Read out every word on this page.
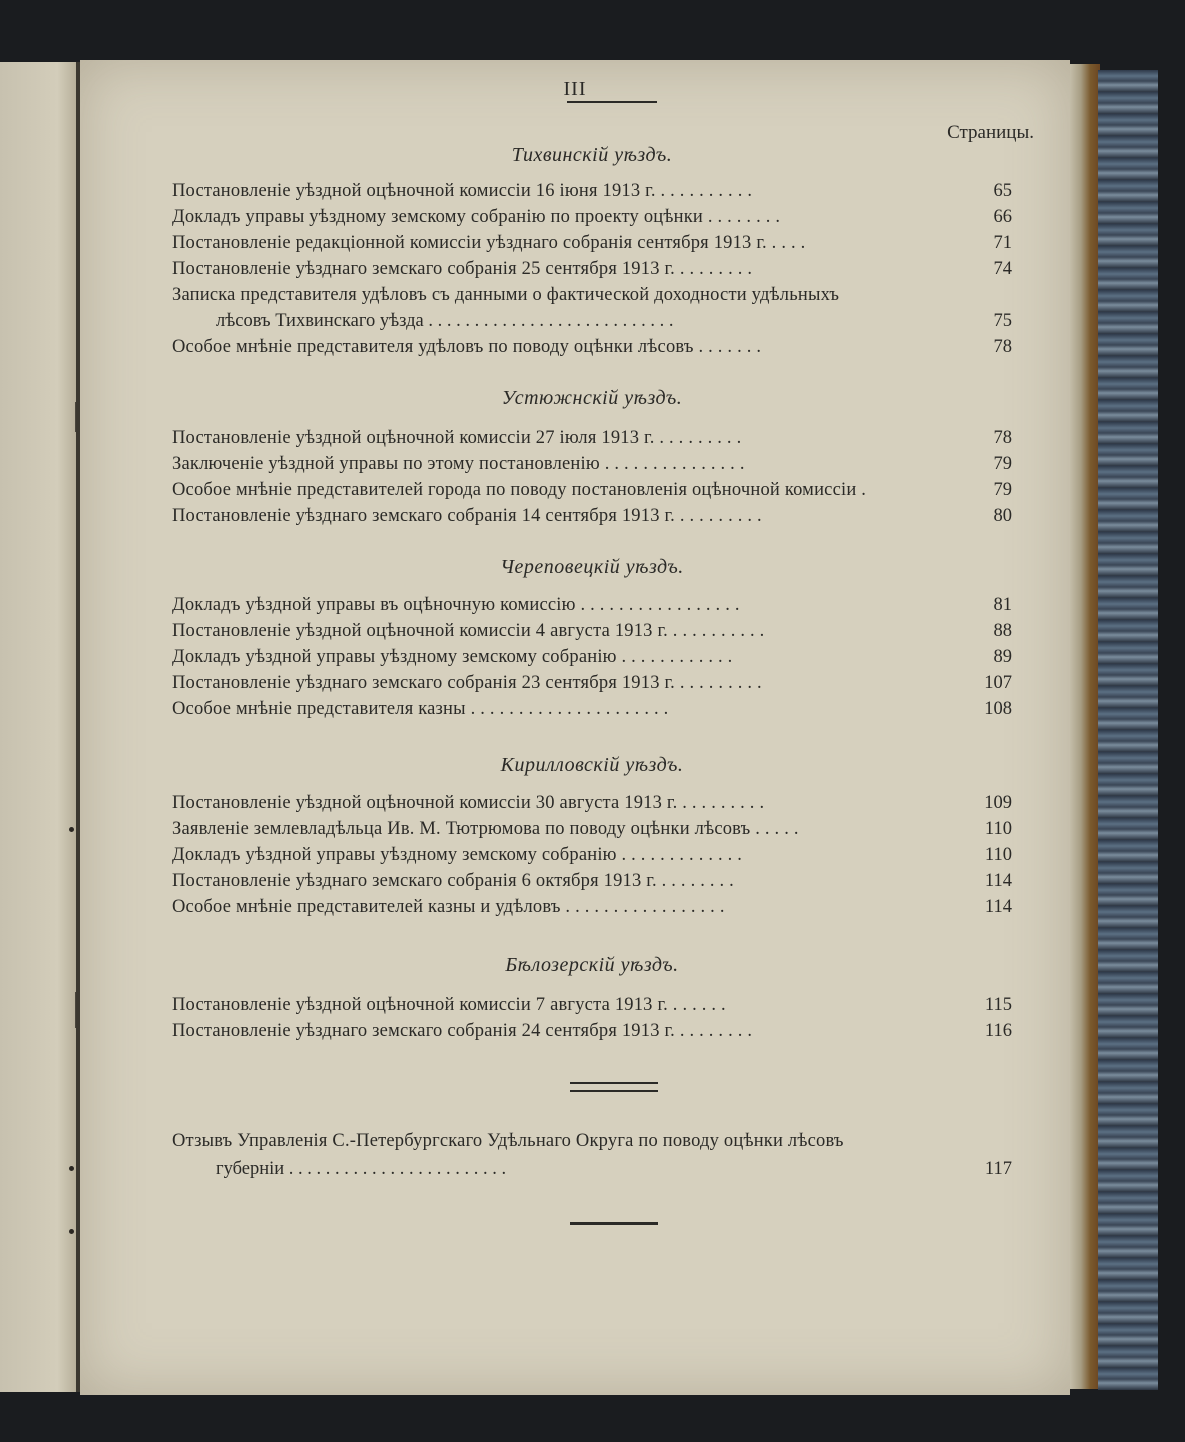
III
Страницы.
Тихвинскій уѣздъ.
Постановленіе уѣздной оцѣночной комиссіи 16 іюня 1913 г. . . . . . . . . . .	65
Докладъ управы уѣздному земскому собранію по проекту оцѣнки . . . . . . . .	66
Постановленіе редакціонной комиссіи уѣзднаго собранія сентября 1913 г. . . . .	71
Постановленіе уѣзднаго земскаго собранія 25 сентября 1913 г. . . . . . . . .	74
Записка представителя удѣловъ съ данными о фактической доходности удѣльныхъ
лѣсовъ Тихвинскаго уѣзда . . . . . . . . . . . . . . . . . . . . . . . . . . .	75
Особое мнѣніе представителя удѣловъ по поводу оцѣнки лѣсовъ . . . . . . .	78
Устюжнскій уѣздъ.
Постановленіе уѣздной оцѣночной комиссіи 27 іюля 1913 г. . . . . . . . . .	78
Заключеніе уѣздной управы по этому постановленію . . . . . . . . . . . . . . .	79
Особое мнѣніе представителей города по поводу постановленія оцѣночной комиссіи .	79
Постановленіе уѣзднаго земскаго собранія 14 сентября 1913 г. . . . . . . . . .	80
Череповецкій уѣздъ.
Докладъ уѣздной управы въ оцѣночную комиссію . . . . . . . . . . . . . . . . .	81
Постановленіе уѣздной оцѣночной комиссіи 4 августа 1913 г. . . . . . . . . . .	88
Докладъ уѣздной управы уѣздному земскому собранію . . . . . . . . . . . .	89
Постановленіе уѣзднаго земскаго собранія 23 сентября 1913 г. . . . . . . . . .	107
Особое мнѣніе представителя казны . . . . . . . . . . . . . . . . . . . . .	108
Кирилловскій уѣздъ.
Постановленіе уѣздной оцѣночной комиссіи 30 августа 1913 г. . . . . . . . . .	109
Заявленіе землевладѣльца Ив. М. Тютрюмова по поводу оцѣнки лѣсовъ . . . . .	110
Докладъ уѣздной управы уѣздному земскому собранію . . . . . . . . . . . . .	110
Постановленіе уѣзднаго земскаго собранія 6 октября 1913 г. . . . . . . . .	114
Особое мнѣніе представителей казны и удѣловъ . . . . . . . . . . . . . . . . .	114
Бѣлозерскій уѣздъ.
Постановленіе уѣздной оцѣночной комиссіи 7 августа 1913 г. . . . . . .	115
Постановленіе уѣзднаго земскаго собранія 24 сентября 1913 г. . . . . . . . .	116
Отзывъ Управленія С.-Петербургскаго Удѣльнаго Округа по поводу оцѣнки лѣсовъ
губерніи . . . . . . . . . . . . . . . . . . . . . . . .	117
